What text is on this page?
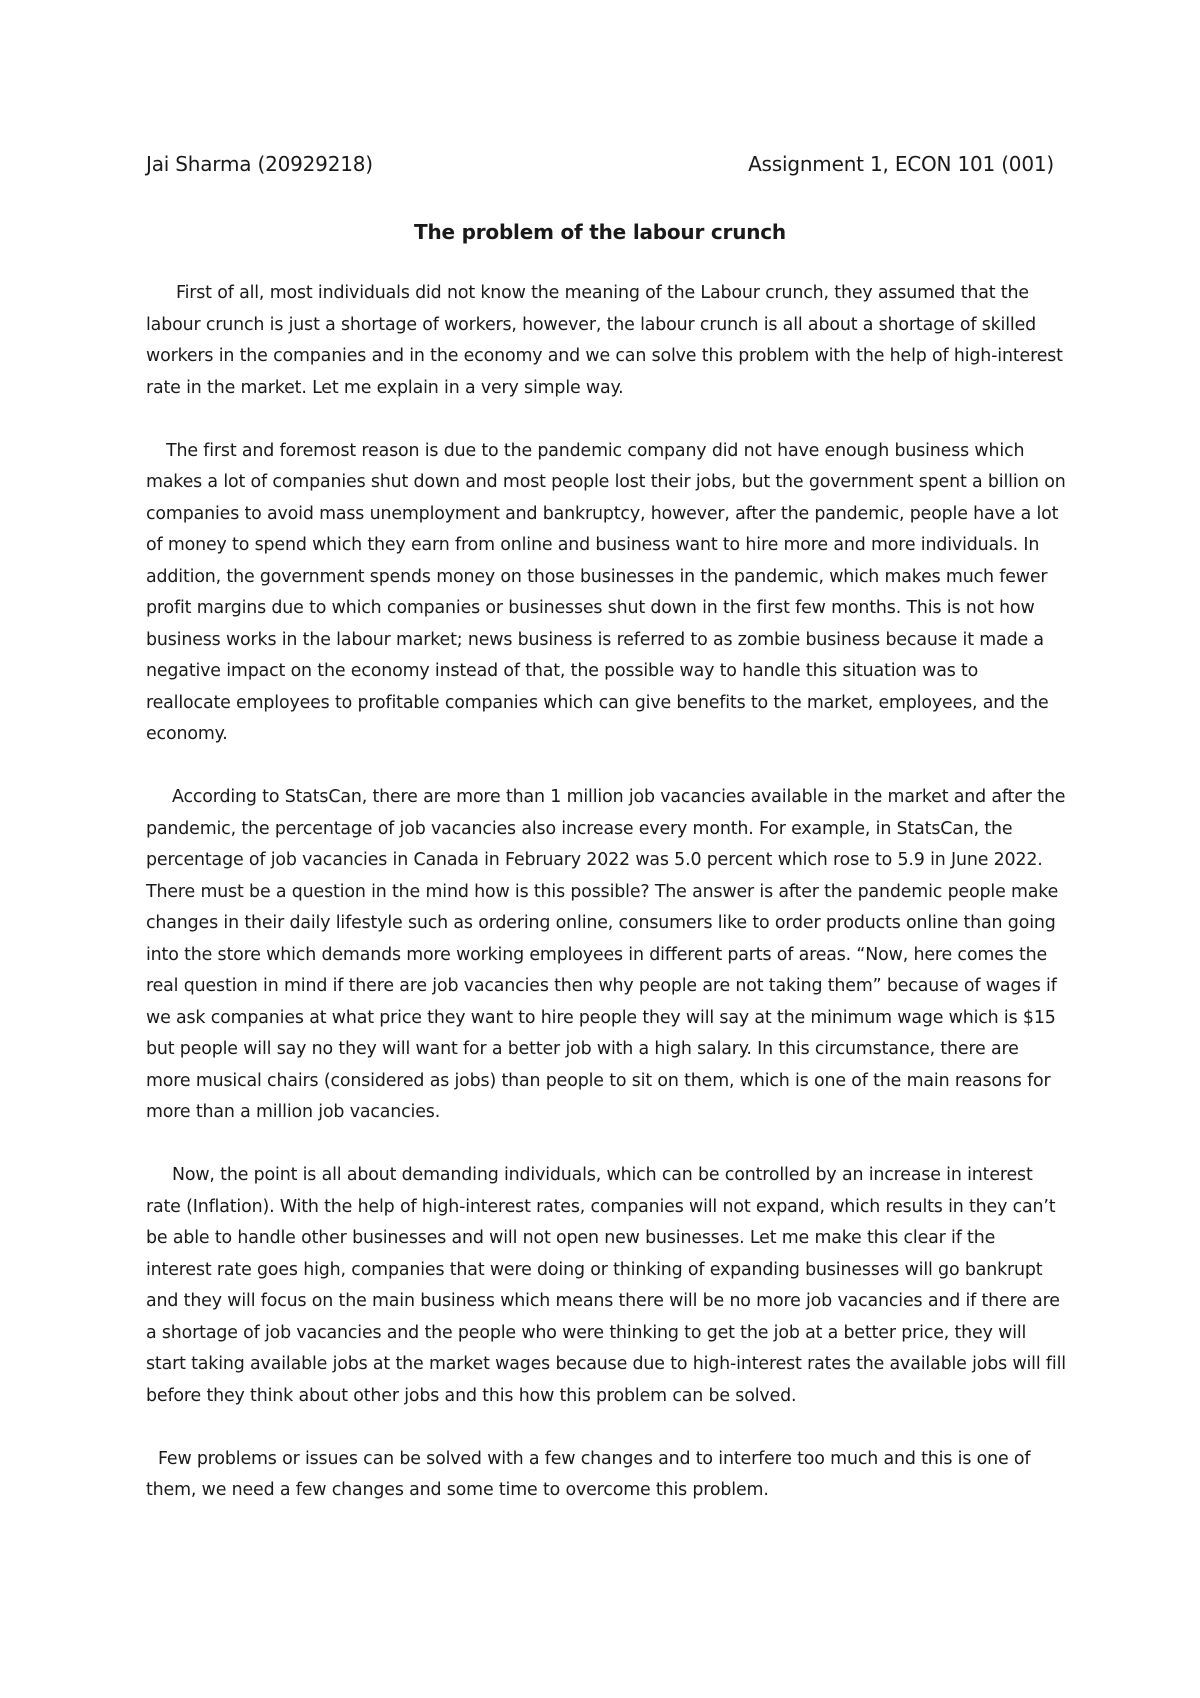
Jai Sharma (20929218)	Assignment 1, ECON 101 (001)
The problem of the labour crunch

First of all, most individuals did not know the meaning of the Labour crunch, they assumed that the labour crunch is just a shortage of workers, however, the labour crunch is all about a shortage of skilled workers in the companies and in the economy and we can solve this problem with the help of high-interest rate in the market. Let me explain in a very simple way.

The first and foremost reason is due to the pandemic company did not have enough business which makes a lot of companies shut down and most people lost their jobs, but the government spent a billion on companies to avoid mass unemployment and bankruptcy, however, after the pandemic, people have a lot of money to spend which they earn from online and business want to hire more and more individuals. In addition, the government spends money on those businesses in the pandemic, which makes much fewer profit margins due to which companies or businesses shut down in the first few months. This is not how business works in the labour market; news business is referred to as zombie business because it made a negative impact on the economy instead of that, the possible way to handle this situation was to reallocate employees to profitable companies which can give benefits to the market, employees, and the economy.

According to StatsCan, there are more than 1 million job vacancies available in the market and after the pandemic, the percentage of job vacancies also increase every month. For example, in StatsCan, the percentage of job vacancies in Canada in February 2022 was 5.0 percent which rose to 5.9 in June 2022. There must be a question in the mind how is this possible? The answer is after the pandemic people make changes in their daily lifestyle such as ordering online, consumers like to order products online than going into the store which demands more working employees in different parts of areas. “Now, here comes the real question in mind if there are job vacancies then why people are not taking them” because of wages if we ask companies at what price they want to hire people they will say at the minimum wage which is $15 but people will say no they will want for a better job with a high salary. In this circumstance, there are more musical chairs (considered as jobs) than people to sit on them, which is one of the main reasons for more than a million job vacancies.

Now, the point is all about demanding individuals, which can be controlled by an increase in interest rate (Inflation). With the help of high-interest rates, companies will not expand, which results in they can’t be able to handle other businesses and will not open new businesses. Let me make this clear if the interest rate goes high, companies that were doing or thinking of expanding businesses will go bankrupt and they will focus on the main business which means there will be no more job vacancies and if there are a shortage of job vacancies and the people who were thinking to get the job at a better price, they will start taking available jobs at the market wages because due to high-interest rates the available jobs will fill before they think about other jobs and this how this problem can be solved.

Few problems or issues can be solved with a few changes and to interfere too much and this is one of them, we need a few changes and some time to overcome this problem.
